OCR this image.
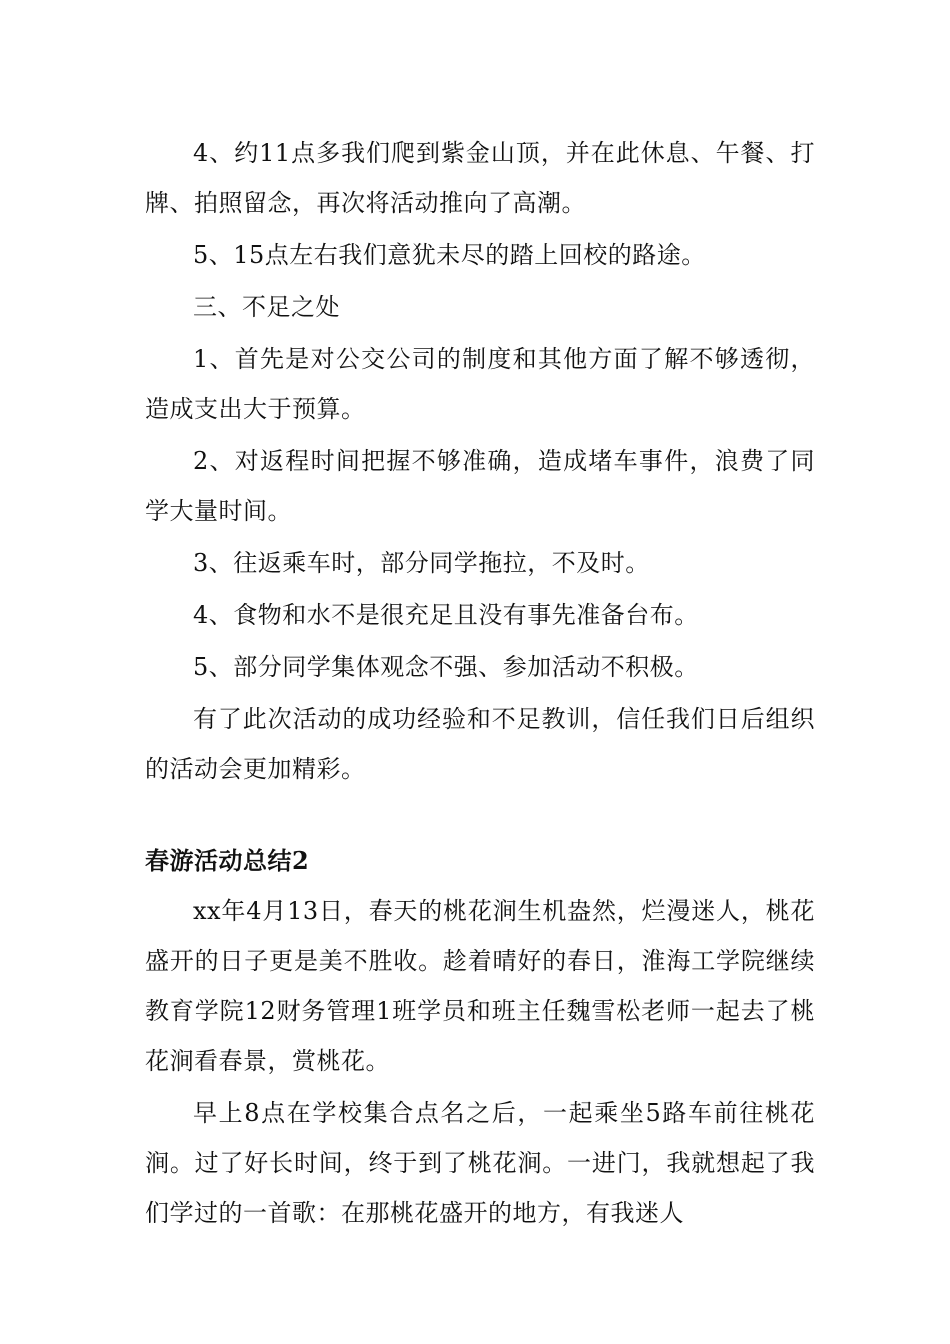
4、约11点多我们爬到紫金山顶，并在此休息、午餐、打牌、拍照留念，再次将活动推向了高潮。

5、15点左右我们意犹未尽的踏上回校的路途。

三、不足之处

1、首先是对公交公司的制度和其他方面了解不够透彻，造成支出大于预算。

2、对返程时间把握不够准确，造成堵车事件，浪费了同学大量时间。

3、往返乘车时，部分同学拖拉，不及时。

4、食物和水不是很充足且没有事先准备台布。

5、部分同学集体观念不强、参加活动不积极。

有了此次活动的成功经验和不足教训，信任我们日后组织的活动会更加精彩。

春游活动总结2

xx年4月13日，春天的桃花涧生机盎然，烂漫迷人，桃花盛开的日子更是美不胜收。趁着晴好的春日，淮海工学院继续教育学院12财务管理1班学员和班主任魏雪松老师一起去了桃花涧看春景，赏桃花。

早上8点在学校集合点名之后，一起乘坐5路车前往桃花涧。过了好长时间，终于到了桃花涧。一进门，我就想起了我们学过的一首歌：在那桃花盛开的地方，有我迷人
